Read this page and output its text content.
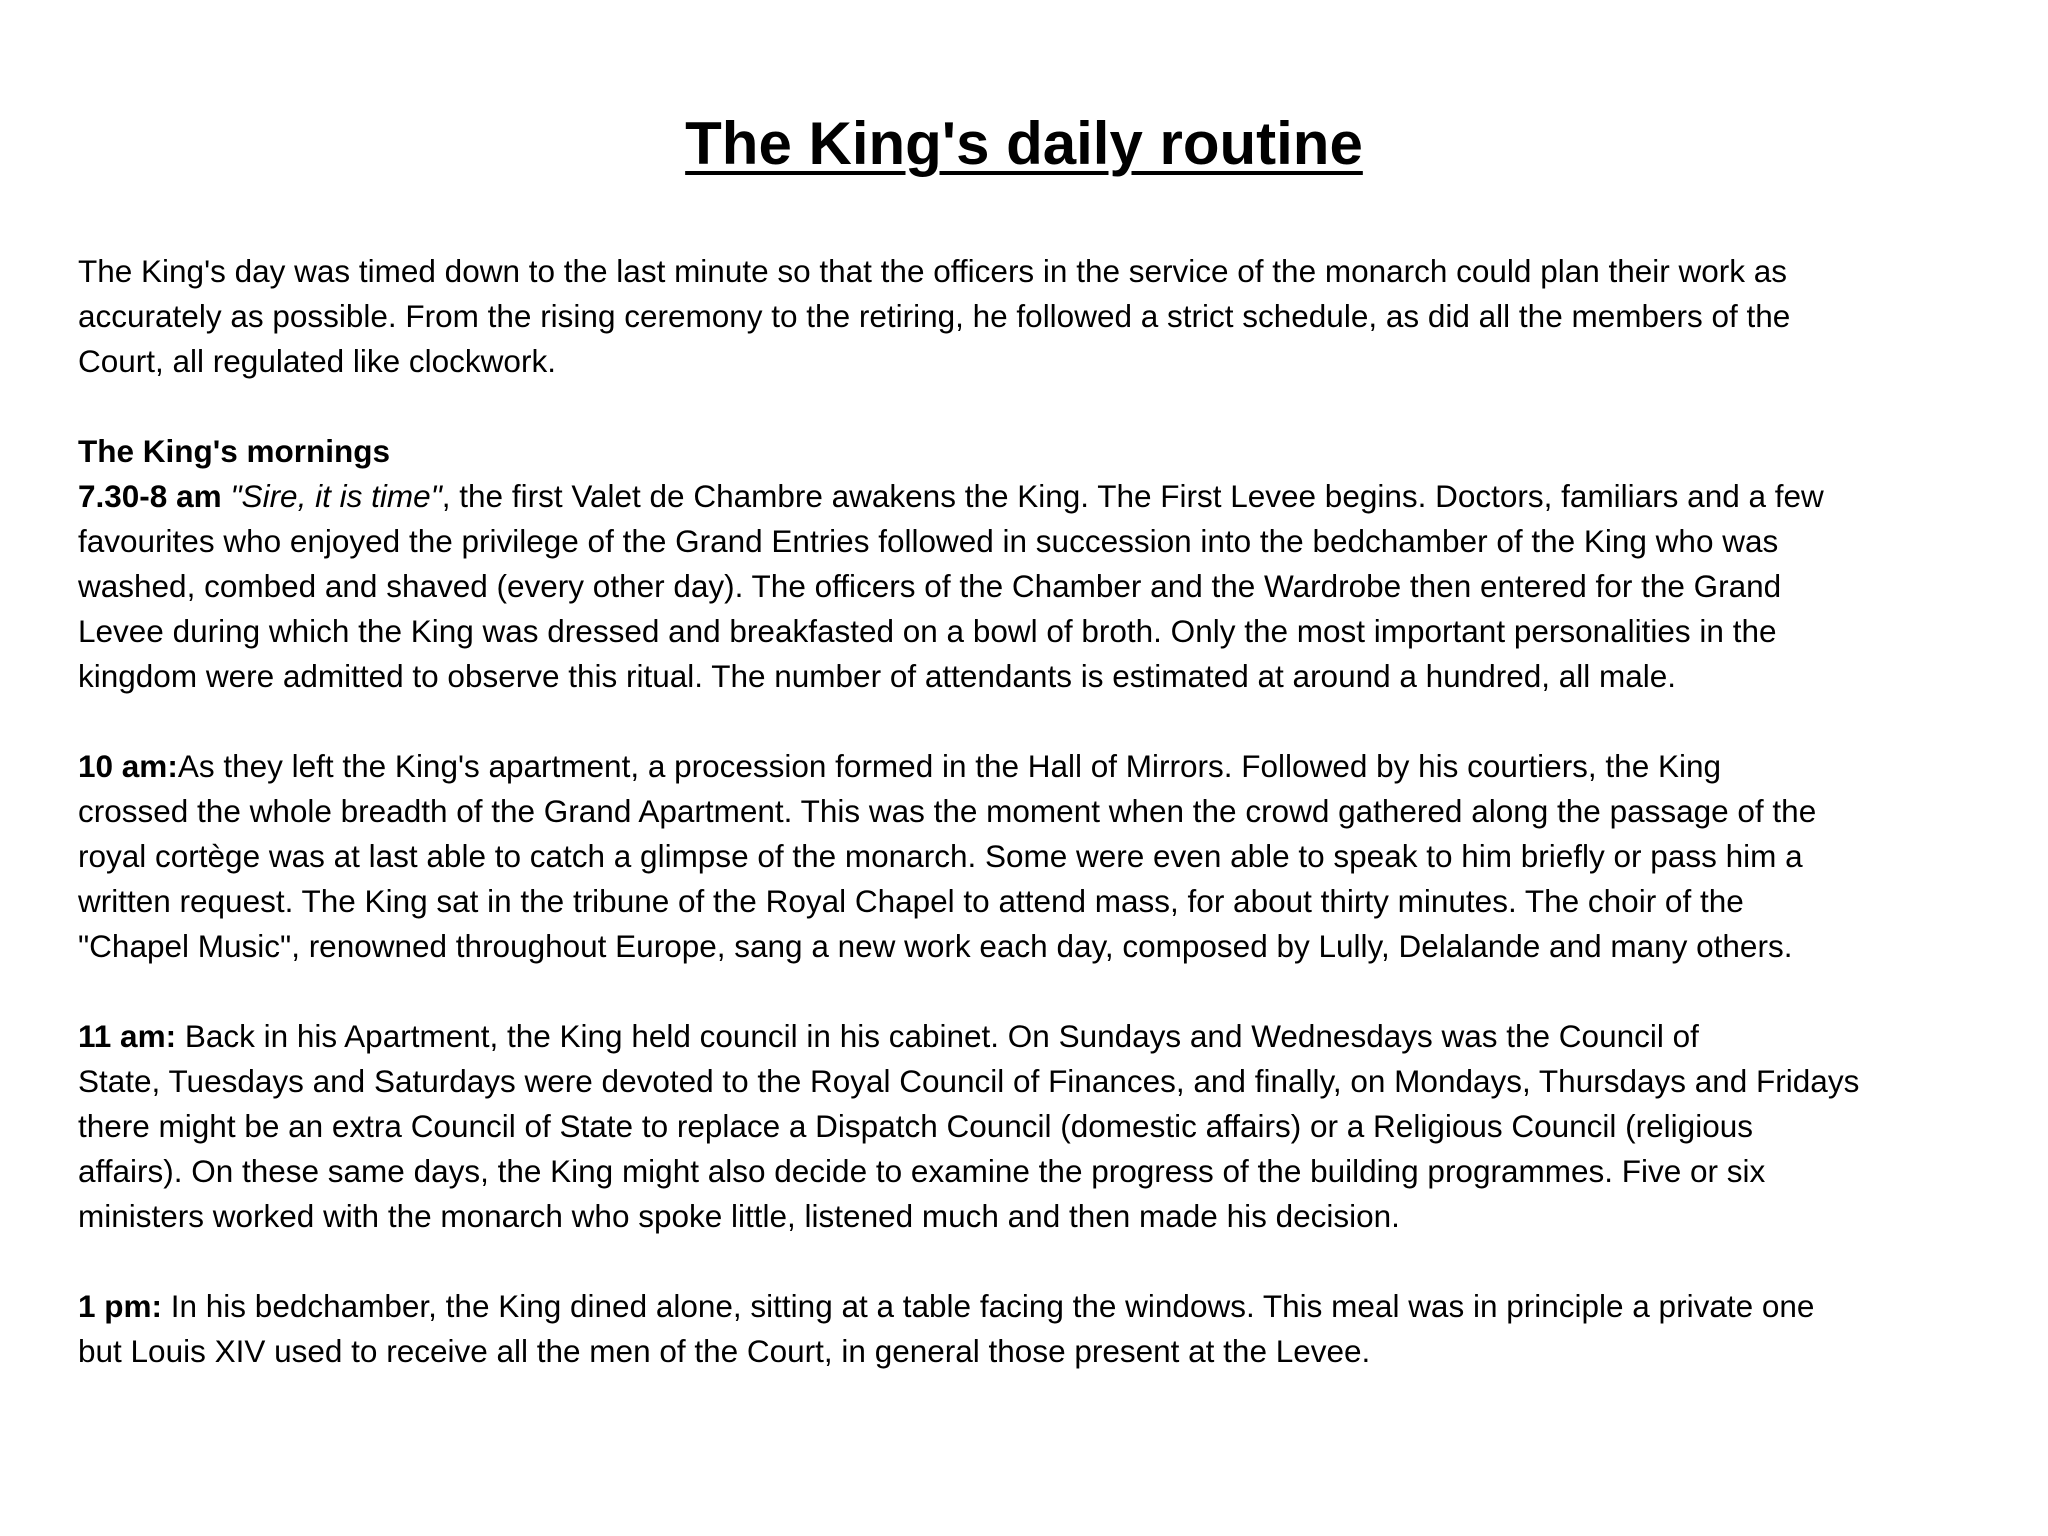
The King's daily routine

The King's day was timed down to the last minute so that the officers in the service of the monarch could plan their work as
accurately as possible. From the rising ceremony to the retiring, he followed a strict schedule, as did all the members of the
Court, all regulated like clockwork.

The King's mornings
7.30-8 am "Sire, it is time", the first Valet de Chambre awakens the King. The First Levee begins. Doctors, familiars and a few
favourites who enjoyed the privilege of the Grand Entries followed in succession into the bedchamber of the King who was
washed, combed and shaved (every other day). The officers of the Chamber and the Wardrobe then entered for the Grand
Levee during which the King was dressed and breakfasted on a bowl of broth. Only the most important personalities in the
kingdom were admitted to observe this ritual. The number of attendants is estimated at around a hundred, all male.

10 am:As they left the King's apartment, a procession formed in the Hall of Mirrors. Followed by his courtiers, the King
crossed the whole breadth of the Grand Apartment. This was the moment when the crowd gathered along the passage of the
royal cortège was at last able to catch a glimpse of the monarch. Some were even able to speak to him briefly or pass him a
written request. The King sat in the tribune of the Royal Chapel to attend mass, for about thirty minutes. The choir of the
"Chapel Music", renowned throughout Europe, sang a new work each day, composed by Lully, Delalande and many others.

11 am: Back in his Apartment, the King held council in his cabinet. On Sundays and Wednesdays was the Council of
State, Tuesdays and Saturdays were devoted to the Royal Council of Finances, and finally, on Mondays, Thursdays and Fridays
there might be an extra Council of State to replace a Dispatch Council (domestic affairs) or a Religious Council (religious
affairs). On these same days, the King might also decide to examine the progress of the building programmes. Five or six
ministers worked with the monarch who spoke little, listened much and then made his decision.

1 pm: In his bedchamber, the King dined alone, sitting at a table facing the windows. This meal was in principle a private one
but Louis XIV used to receive all the men of the Court, in general those present at the Levee.
